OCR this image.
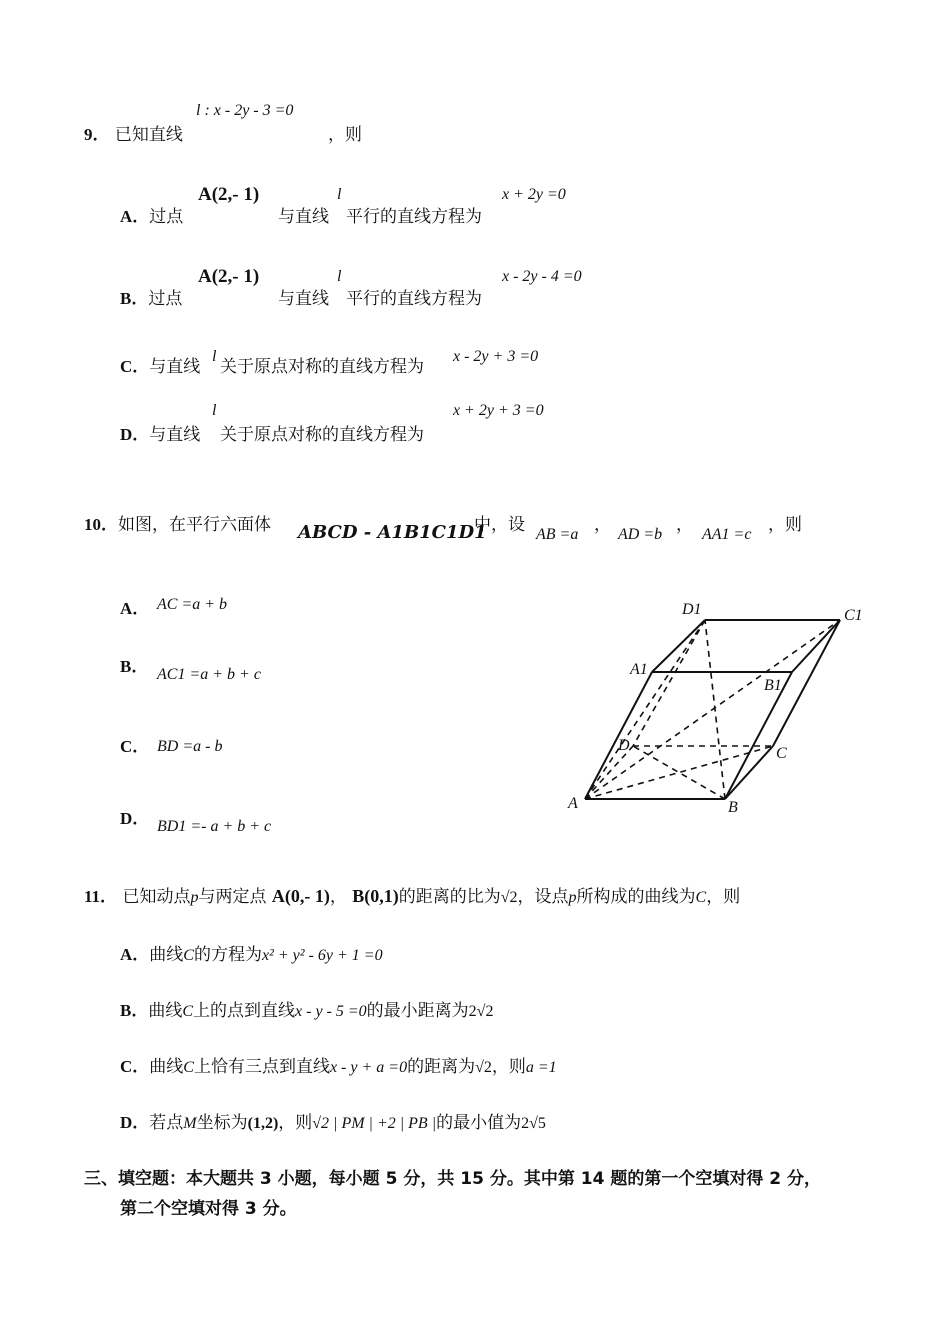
9． 已知直线
l : x - 2y - 3 =0
，则
A．过点
A(2,- 1)
与直线
l
平行的直线方程为
x + 2y =0
B．过点
A(2,- 1)
与直线
l
平行的直线方程为
x - 2y - 4 =0
C．与直线
l
关于原点对称的直线方程为
x - 2y + 3 =0
D．与直线
l
关于原点对称的直线方程为
x + 2y + 3 =0
10．如图，在平行六面体 ABCD - A1B1C1D1
中，设 AB =a ， AD =b ， AA1 =c ，则
A． AC =a + b
B． AC1 =a + b + c
C． BD =a - b
D． BD1 =- a + b + c
D1	C1
A1
B1
D	C
A	B
11． 已知动点p与两定点 A(0,- 1)， B(0,1)的距离的比为√2，设点p所构成的曲线为C，则
A．曲线C的方程为x² + y² - 6y + 1 =0
B．曲线C上的点到直线x - y - 5 =0的最小距离为2√2
C．曲线C上恰有三点到直线x - y + a =0的距离为√2，则a =1
D．若点M坐标为(1,2)，则√2 | PM | +2 | PB |的最小值为2√5
三、填空题：本大题共 3 小题，每小题 5 分，共 15 分。其中第 14 题的第一个空填对得 2 分，
第二个空填对得 3 分。
